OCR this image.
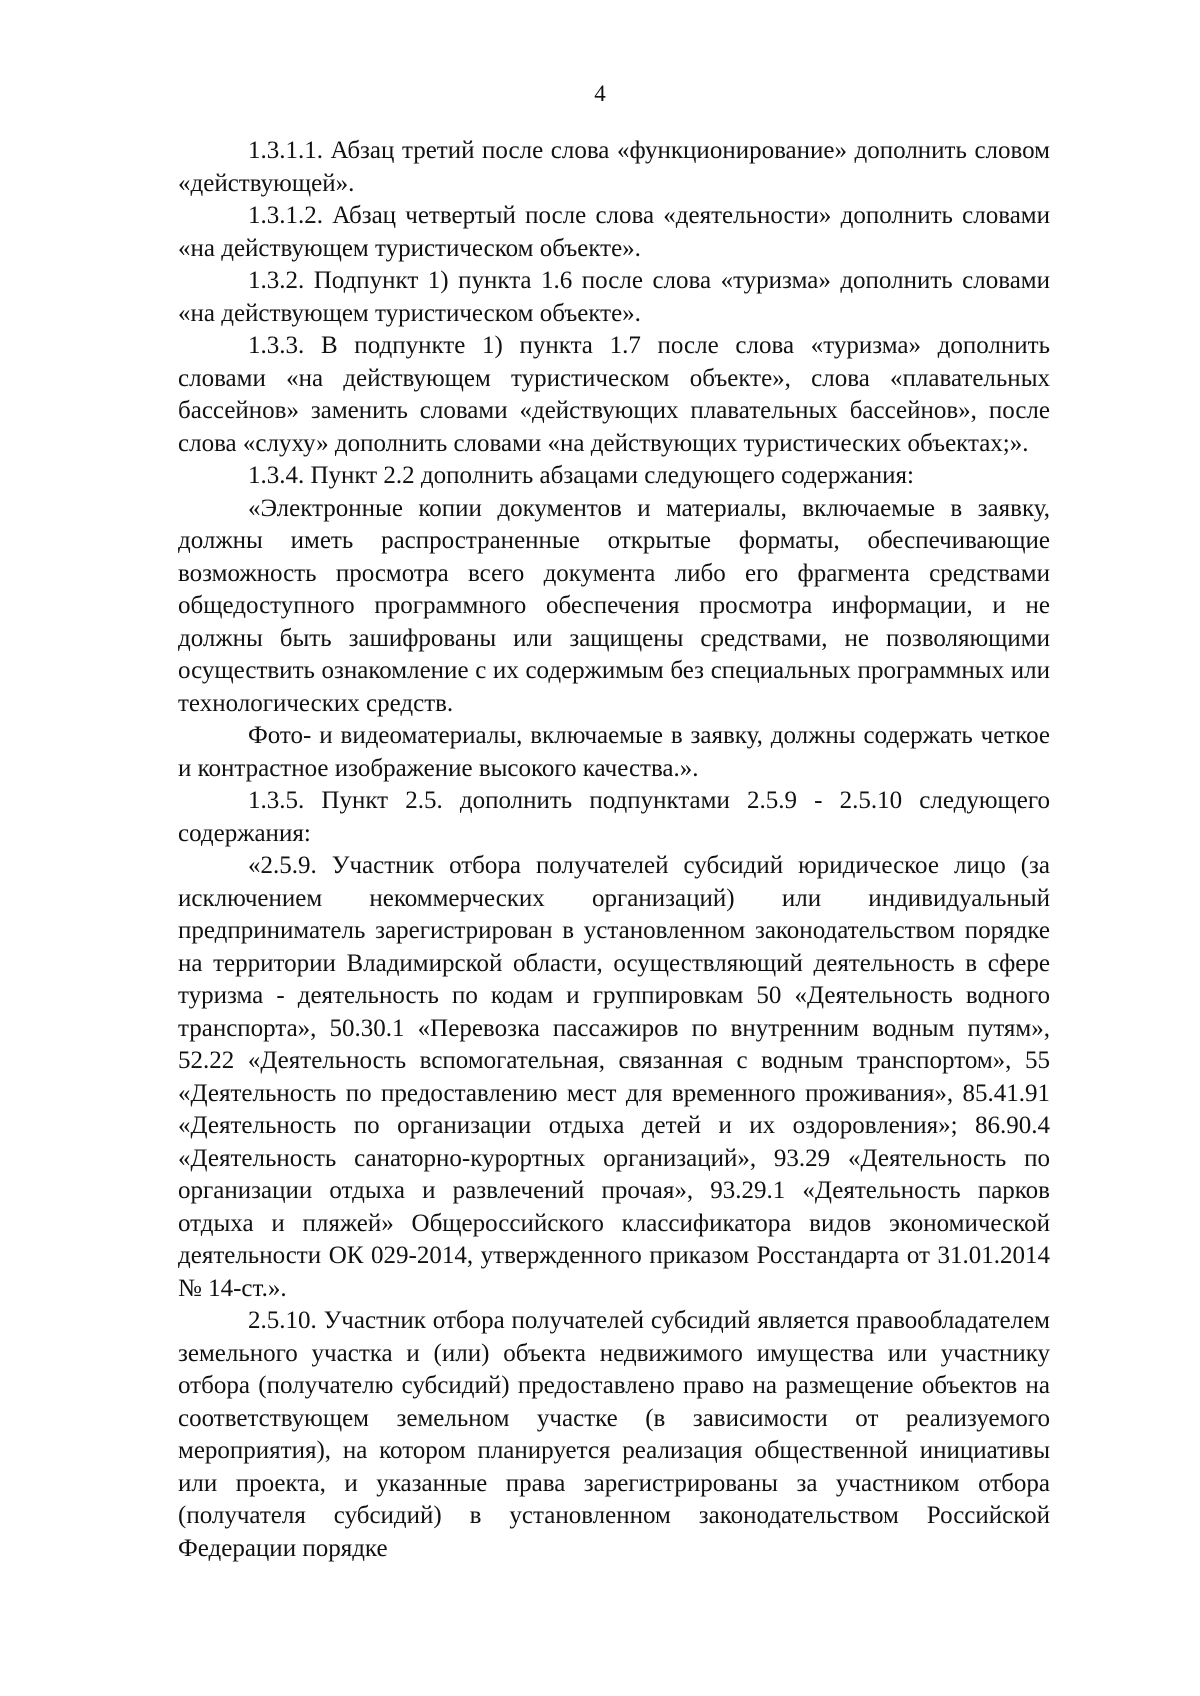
4

1.3.1.1. Абзац третий после слова «функционирование» дополнить словом «действующей».

1.3.1.2. Абзац четвертый после слова «деятельности» дополнить словами «на действующем туристическом объекте».

1.3.2. Подпункт 1) пункта 1.6 после слова «туризма» дополнить словами «на действующем туристическом объекте».

1.3.3. В подпункте 1) пункта 1.7 после слова «туризма» дополнить словами «на действующем туристическом объекте», слова «плавательных бассейнов» заменить словами «действующих плавательных бассейнов», после слова «слуху» дополнить словами «на действующих туристических объектах;».

1.3.4. Пункт 2.2 дополнить абзацами следующего содержания:

«Электронные копии документов и материалы, включаемые в заявку, должны иметь распространенные открытые форматы, обеспечивающие возможность просмотра всего документа либо его фрагмента средствами общедоступного программного обеспечения просмотра информации, и не должны быть зашифрованы или защищены средствами, не позволяющими осуществить ознакомление с их содержимым без специальных программных или технологических средств.

Фото- и видеоматериалы, включаемые в заявку, должны содержать четкое и контрастное изображение высокого качества.».

1.3.5. Пункт 2.5. дополнить подпунктами 2.5.9 - 2.5.10 следующего содержания:

«2.5.9. Участник отбора получателей субсидий юридическое лицо (за исключением некоммерческих организаций) или индивидуальный предприниматель зарегистрирован в установленном законодательством порядке на территории Владимирской области, осуществляющий деятельность в сфере туризма - деятельность по кодам и группировкам 50 «Деятельность водного транспорта», 50.30.1 «Перевозка пассажиров по внутренним водным путям», 52.22 «Деятельность вспомогательная, связанная с водным транспортом», 55 «Деятельность по предоставлению мест для временного проживания», 85.41.91 «Деятельность по организации отдыха детей и их оздоровления»; 86.90.4 «Деятельность санаторно-курортных организаций», 93.29 «Деятельность по организации отдыха и развлечений прочая», 93.29.1 «Деятельность парков отдыха и пляжей» Общероссийского классификатора видов экономической деятельности ОК 029-2014, утвержденного приказом Росстандарта от 31.01.2014 № 14-ст.».

2.5.10. Участник отбора получателей субсидий является правообладателем земельного участка и (или) объекта недвижимого имущества или участнику отбора (получателю субсидий) предоставлено право на размещение объектов на соответствующем земельном участке (в зависимости от реализуемого мероприятия), на котором планируется реализация общественной инициативы или проекта, и указанные права зарегистрированы за участником отбора (получателя субсидий) в установленном законодательством Российской Федерации порядке
